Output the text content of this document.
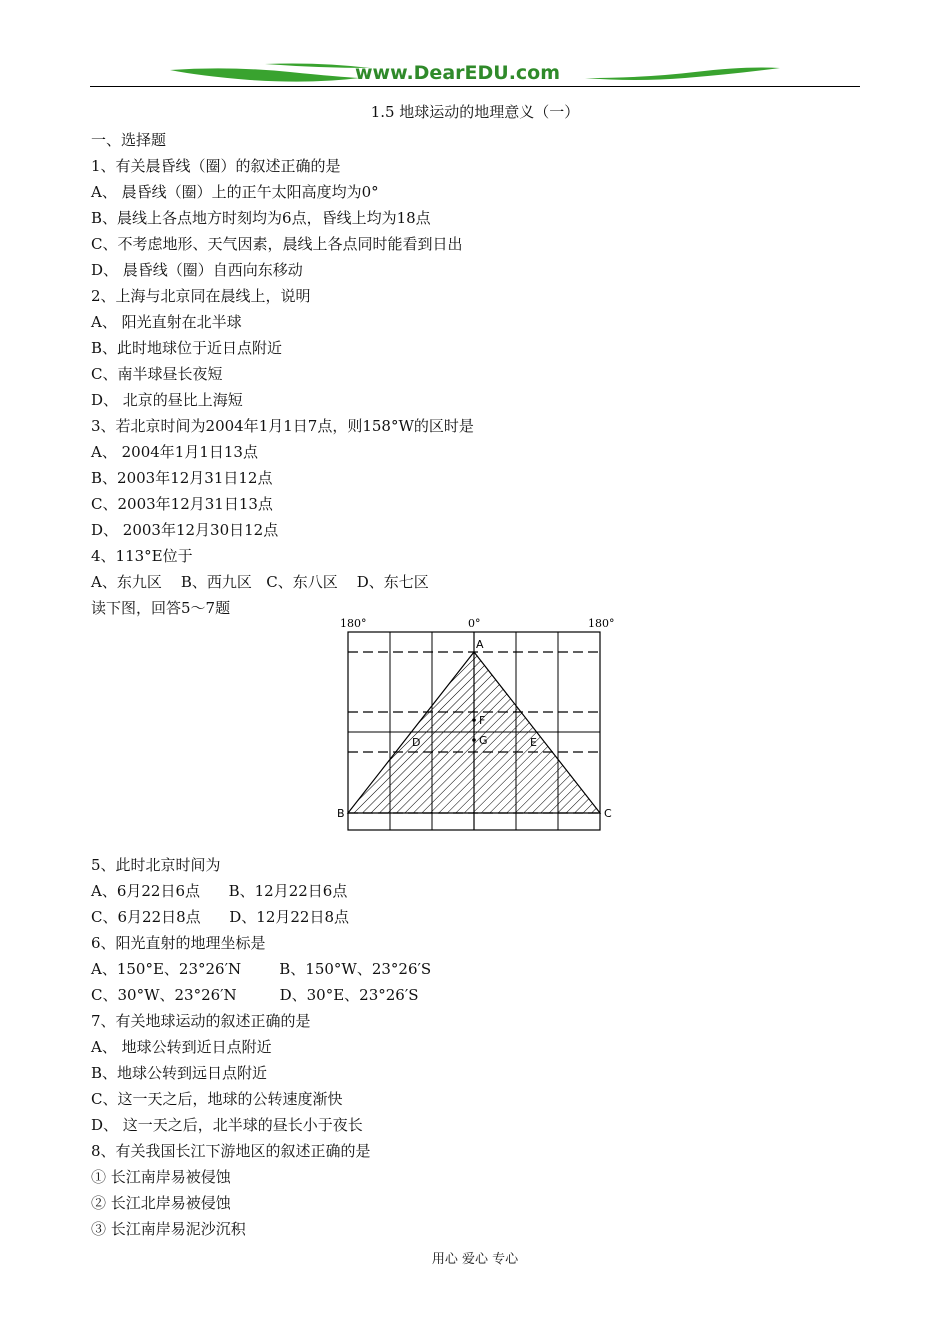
www.DearEDU.com
1.5 地球运动的地理意义（一）
一、选择题
1、有关晨昏线（圈）的叙述正确的是
A、 晨昏线（圈）上的正午太阳高度均为0°
B、晨线上各点地方时刻均为6点，昏线上均为18点
C、不考虑地形、天气因素，晨线上各点同时能看到日出
D、 晨昏线（圈）自西向东移动
2、上海与北京同在晨线上，说明
A、 阳光直射在北半球
B、此时地球位于近日点附近
C、南半球昼长夜短
D、 北京的昼比上海短
3、若北京时间为2004年1月1日7点，则158°W的区时是
A、 2004年1月1日13点
B、2003年12月31日12点
C、2003年12月31日13点
D、 2003年12月30日12点
4、113°E位于
A、东九区    B、西九区   C、东八区    D、东七区
读下图，回答5～7题
180°	0°	180°
A
B	C
D	E
F
G
5、此时北京时间为
A、6月22日6点      B、12月22日6点
C、6月22日8点      D、12月22日8点
6、阳光直射的地理坐标是
A、150°E、23°26′N        B、150°W、23°26′S
C、30°W、23°26′N         D、30°E、23°26′S
7、有关地球运动的叙述正确的是
A、 地球公转到近日点附近
B、地球公转到远日点附近
C、这一天之后，地球的公转速度渐快
D、 这一天之后，北半球的昼长小于夜长
8、有关我国长江下游地区的叙述正确的是
① 长江南岸易被侵蚀
② 长江北岸易被侵蚀
③ 长江南岸易泥沙沉积
用心 爱心 专心
